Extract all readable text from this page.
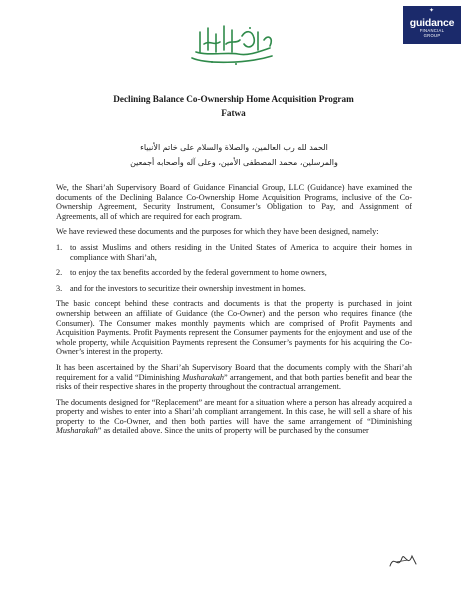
✦
guidance
FINANCIAL
GROUP

Declining Balance Co-Ownership Home Acquisition Program

Fatwa

الحمد لله رب العالمين، والصلاة والسلام على خاتم الأنبياء
والمرسلين، محمد المصطفى الأمين، وعلى آله وأصحابه أجمعين

We, the Shari’ah Supervisory Board of Guidance Financial Group, LLC (Guidance) have examined the documents of the Declining Balance Co-Ownership Home Acquisition Programs, inclusive of the Co-Ownership Agreement, Security Instrument, Consumer’s Obligation to Pay, and Assignment of Agreements, all of which are required for each program.

We have reviewed these documents and the purposes for which they have been designed, namely:

1. to assist Muslims and others residing in the United States of America to acquire their homes in compliance with Shari’ah,
2. to enjoy the tax benefits accorded by the federal government to home owners,
3. and for the investors to securitize their ownership investment in homes.

The basic concept behind these contracts and documents is that the property is purchased in joint ownership between an affiliate of Guidance (the Co-Owner) and the person who requires finance (the Consumer). The Consumer makes monthly payments which are comprised of Profit Payments and Acquisition Payments. Profit Payments represent the Consumer payments for the enjoyment and use of the whole property, while Acquisition Payments represent the Consumer’s payments for his acquiring the Co-Owner’s interest in the property.

It has been ascertained by the Shari’ah Supervisory Board that the documents comply with the Shari’ah requirement for a valid “Diminishing Musharakah” arrangement, and that both parties benefit and bear the risks of their respective shares in the property throughout the contractual arrangement.

The documents designed for “Replacement” are meant for a situation where a person has already acquired a property and wishes to enter into a Shari’ah compliant arrangement. In this case, he will sell a share of his property to the Co-Owner, and then both parties will have the same arrangement of “Diminishing Musharakah” as detailed above. Since the units of property will be purchased by the consumer
